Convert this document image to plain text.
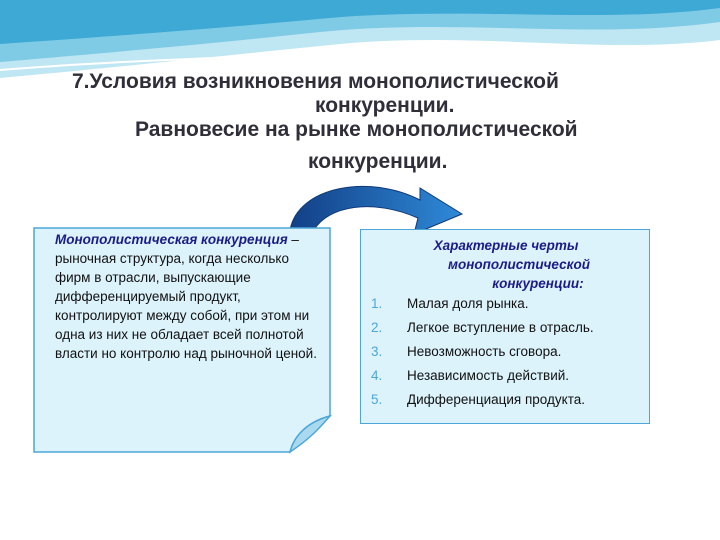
7.Условия возникновения монополистической
конкуренции.
Равновесие на рынке монополистической
конкуренции.
Монополистическая конкуренция – рыночная структура, когда несколько фирм в отрасли, выпускающие дифференцируемый продукт, контролируют между собой, при этом ни одна из них не обладает всей полнотой власти но контролю над рыночной ценой.
Характерные черты
монополистической
конкуренции:
1.	Малая доля рынка.
2.	Легкое вступление в отрасль.
3.	Невозможность сговора.
4.	Независимость действий.
5.	Дифференциация продукта.
